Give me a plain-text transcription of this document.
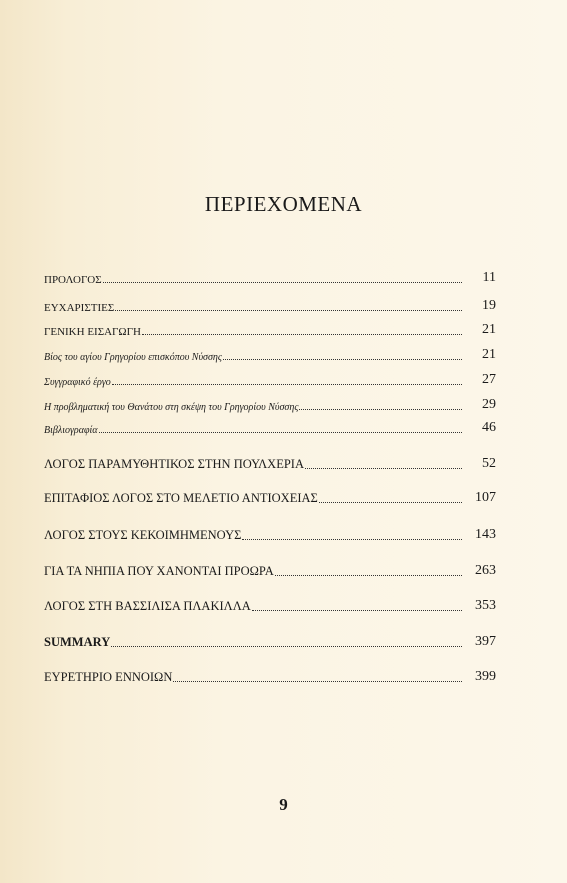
ΠΕΡΙΕΧΟΜΕΝΑ
ΠΡΟΛΟΓΟΣ	11
ΕΥΧΑΡΙΣΤΙΕΣ	19
ΓΕΝΙΚΗ ΕΙΣΑΓΩΓΗ	21
Βίος του αγίου Γρηγορίου επισκόπου Νύσσης	21
Συγγραφικό έργο	27
Η προβληματική του Θανάτου στη σκέψη του Γρηγορίου Νύσσης	29
Βιβλιογραφία	46
ΛΟΓΟΣ ΠΑΡΑΜΥΘΗΤΙΚΟΣ ΣΤΗΝ ΠΟΥΛΧΕΡΙΑ	52
ΕΠΙΤΑΦΙΟΣ ΛΟΓΟΣ ΣΤΟ ΜΕΛΕΤΙΟ ΑΝΤΙΟΧΕΙΑΣ	107
ΛΟΓΟΣ ΣΤΟΥΣ ΚΕΚΟΙΜΗΜΕΝΟΥΣ	143
ΓΙΑ ΤΑ ΝΗΠΙΑ ΠΟΥ ΧΑΝΟΝΤΑΙ ΠΡΟΩΡΑ	263
ΛΟΓΟΣ ΣΤΗ ΒΑΣΣΙΛΙΣΑ ΠΛΑΚΙΛΛΑ	353
SUMMARY	397
ΕΥΡΕΤΗΡΙΟ ΕΝΝΟΙΩΝ	399
9
